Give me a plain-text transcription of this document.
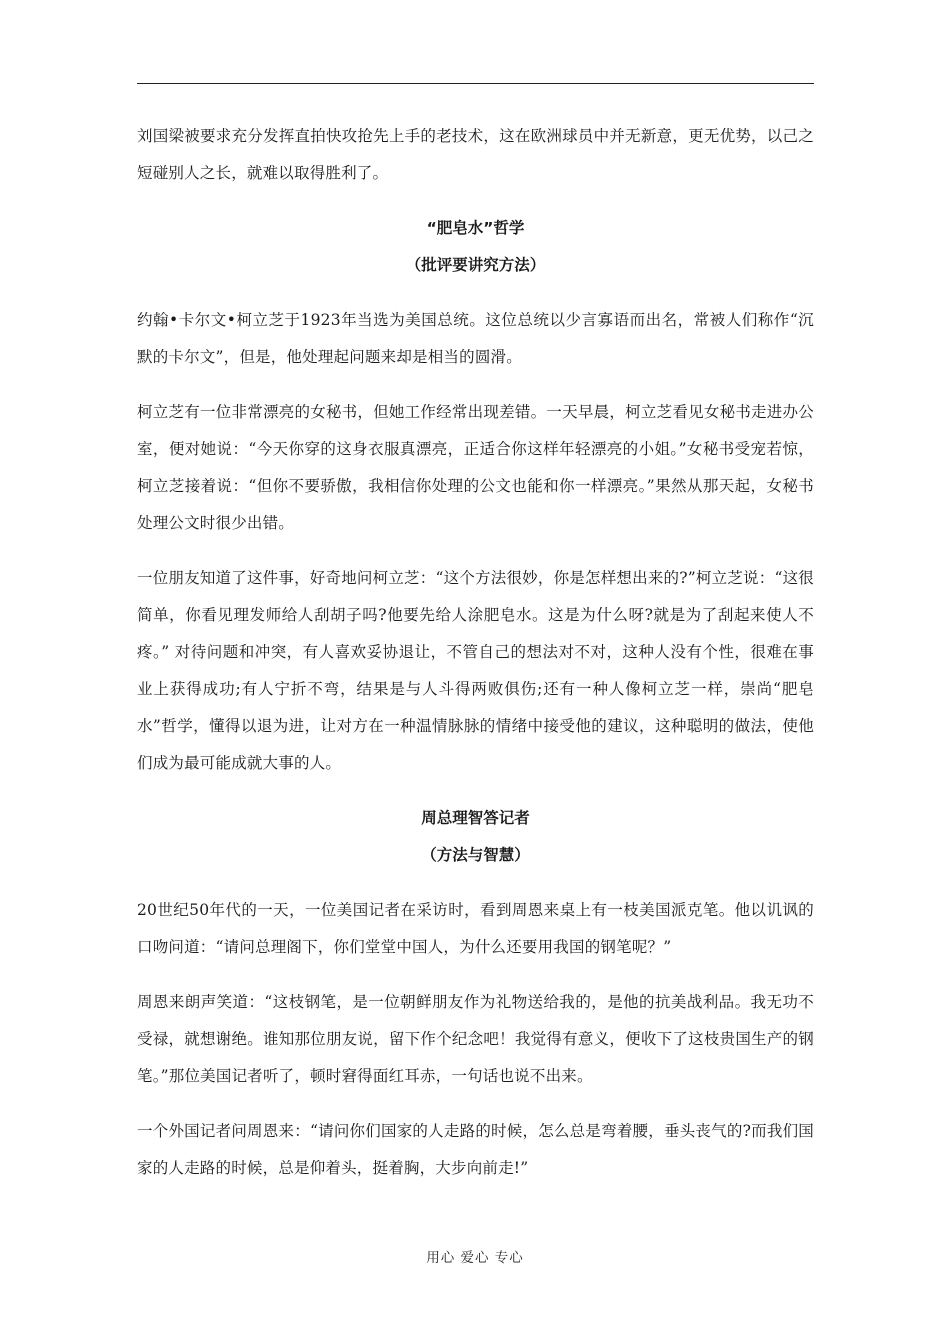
刘国梁被要求充分发挥直拍快攻抢先上手的老技术，这在欧洲球员中并无新意，更无优势，以己之短碰别人之长，就难以取得胜利了。

“肥皂水”哲学

（批评要讲究方法）

约翰•卡尔文•柯立芝于1923年当选为美国总统。这位总统以少言寡语而出名，常被人们称作“沉默的卡尔文”，但是，他处理起问题来却是相当的圆滑。

柯立芝有一位非常漂亮的女秘书，但她工作经常出现差错。一天早晨，柯立芝看见女秘书走进办公室，便对她说：“今天你穿的这身衣服真漂亮，正适合你这样年轻漂亮的小姐。”女秘书受宠若惊，柯立芝接着说：“但你不要骄傲，我相信你处理的公文也能和你一样漂亮。”果然从那天起，女秘书处理公文时很少出错。

一位朋友知道了这件事，好奇地问柯立芝：“这个方法很妙，你是怎样想出来的?”柯立芝说：“这很简单，你看见理发师给人刮胡子吗?他要先给人涂肥皂水。这是为什么呀?就是为了刮起来使人不疼。” 对待问题和冲突，有人喜欢妥协退让，不管自己的想法对不对，这种人没有个性，很难在事业上获得成功;有人宁折不弯，结果是与人斗得两败俱伤;还有一种人像柯立芝一样，崇尚“肥皂水”哲学，懂得以退为进，让对方在一种温情脉脉的情绪中接受他的建议，这种聪明的做法，使他们成为最可能成就大事的人。

周总理智答记者

（方法与智慧）

20世纪50年代的一天，一位美国记者在采访时，看到周恩来桌上有一枝美国派克笔。他以讥讽的口吻问道：“请问总理阁下，你们堂堂中国人，为什么还要用我国的钢笔呢？”

周恩来朗声笑道：“这枝钢笔，是一位朝鲜朋友作为礼物送给我的，是他的抗美战利品。我无功不受禄，就想谢绝。谁知那位朋友说，留下作个纪念吧！我觉得有意义，便收下了这枝贵国生产的钢笔。”那位美国记者听了，顿时窘得面红耳赤，一句话也说不出来。

一个外国记者问周恩来：“请问你们国家的人走路的时候，怎么总是弯着腰，垂头丧气的?而我们国家的人走路的时候，总是仰着头，挺着胸，大步向前走!”

用心 爱心 专心
